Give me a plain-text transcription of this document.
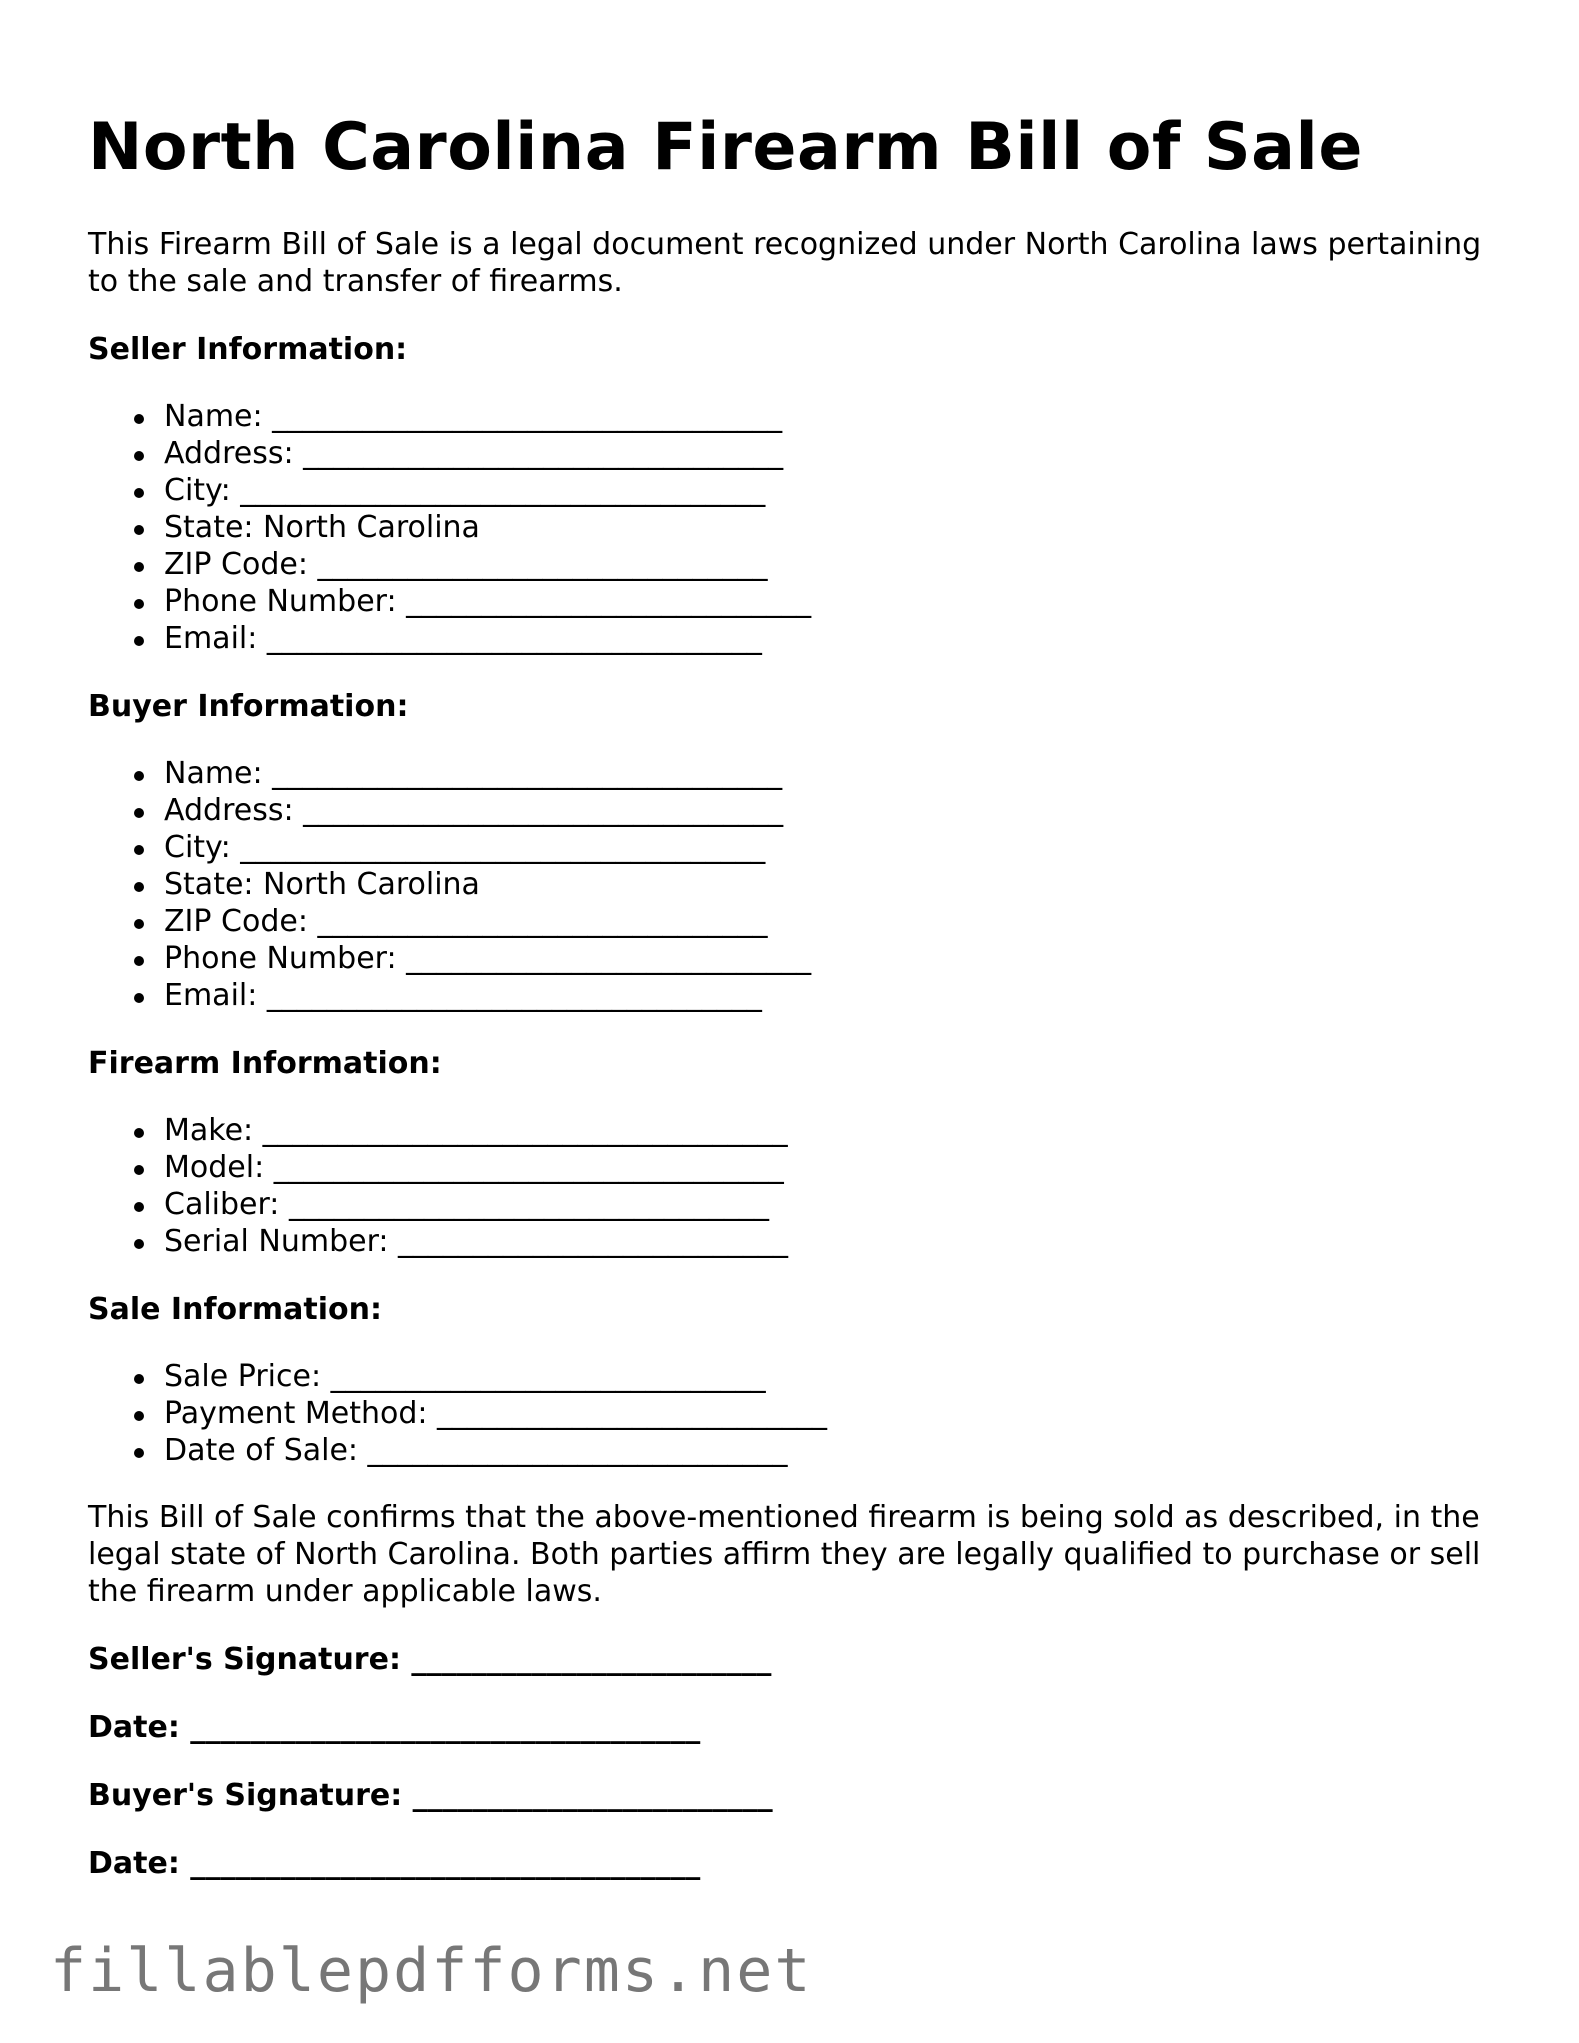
North Carolina Firearm Bill of Sale

This Firearm Bill of Sale is a legal document recognized under North Carolina laws pertaining to the sale and transfer of firearms.

Seller Information:
Name: __________________________________
Address: ________________________________
City: ___________________________________
State: North Carolina
ZIP Code: ______________________________
Phone Number: ___________________________
Email: _________________________________
Buyer Information:
Name: __________________________________
Address: ________________________________
City: ___________________________________
State: North Carolina
ZIP Code: ______________________________
Phone Number: ___________________________
Email: _________________________________
Firearm Information:
Make: ___________________________________
Model: __________________________________
Caliber: ________________________________
Serial Number: __________________________
Sale Information:
Sale Price: _____________________________
Payment Method: __________________________
Date of Sale: ____________________________

This Bill of Sale confirms that the above-mentioned firearm is being sold as described, in the legal state of North Carolina. Both parties affirm they are legally qualified to purchase or sell the firearm under applicable laws.

Seller's Signature: ________________________

Date: __________________________________

Buyer's Signature: ________________________

Date: __________________________________

fillablepdfforms.net
